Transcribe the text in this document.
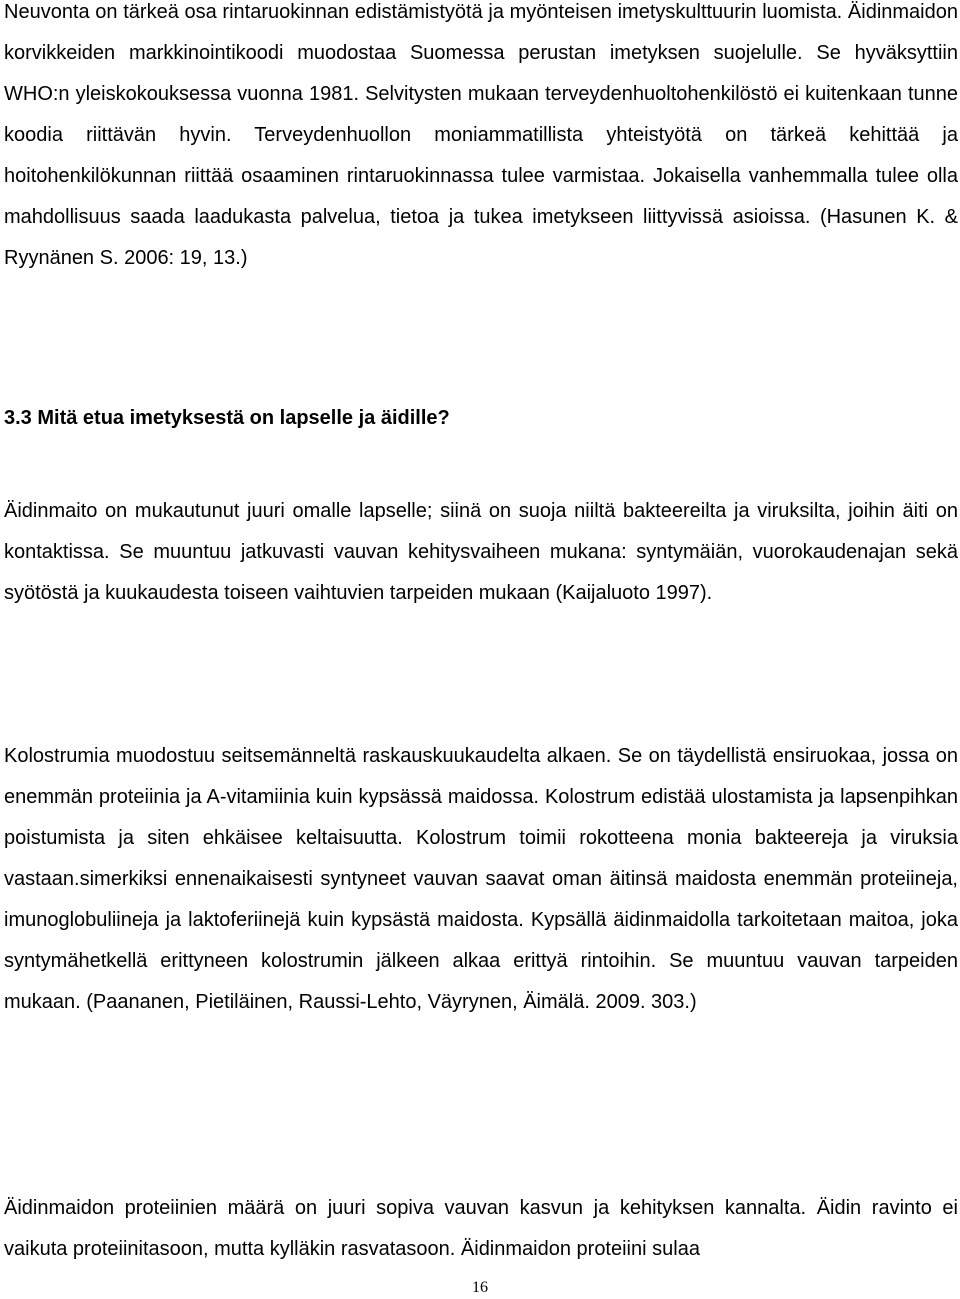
Neuvonta on tärkeä osa rintaruokinnan edistämistyötä ja myönteisen imetyskulttuurin luomista. Äidinmaidon korvikkeiden markkinointikoodi muodostaa Suomessa perustan imetyksen suojelulle. Se hyväksyttiin WHO:n yleiskokouksessa vuonna 1981. Selvitysten mukaan terveydenhuoltohenkilöstö ei kuitenkaan tunne koodia riittävän hyvin. Terveydenhuollon moniammatillista yhteistyötä on tärkeä kehittää ja hoitohenkilökunnan riittää osaaminen rintaruokinnassa tulee varmistaa. Jokaisella vanhemmalla tulee olla mahdollisuus saada laadukasta palvelua, tietoa ja tukea imetykseen liittyvissä asioissa. (Hasunen K. & Ryynänen S. 2006: 19, 13.)

3.3 Mitä etua imetyksestä on lapselle ja äidille?

Äidinmaito on mukautunut juuri omalle lapselle; siinä on suoja niiltä bakteereilta ja viruksilta, joihin äiti on kontaktissa. Se muuntuu jatkuvasti vauvan kehitysvaiheen mukana: syntymäiän, vuorokaudenajan sekä syötöstä ja kuukaudesta toiseen vaihtuvien tarpeiden mukaan (Kaijaluoto 1997).

Kolostrumia muodostuu seitsemänneltä raskauskuukaudelta alkaen. Se on täydellistä ensiruokaa, jossa on enemmän proteiinia ja A-vitamiinia kuin kypsässä maidossa. Kolostrum edistää ulostamista ja lapsenpihkan poistumista ja siten ehkäisee keltaisuutta. Kolostrum toimii rokotteena monia bakteereja ja viruksia vastaan.simerkiksi ennenaikaisesti syntyneet vauvan saavat oman äitinsä maidosta enemmän proteiineja, imunoglobuliineja ja laktoferiinejä kuin kypsästä maidosta. Kypsällä äidinmaidolla tarkoitetaan maitoa, joka syntymähetkellä erittyneen kolostrumin jälkeen alkaa erittyä rintoihin. Se muuntuu vauvan tarpeiden mukaan. (Paananen, Pietiläinen, Raussi-Lehto, Väyrynen, Äimälä. 2009. 303.)

Äidinmaidon proteiinien määrä on juuri sopiva vauvan kasvun ja kehityksen kannalta. Äidin ravinto ei vaikuta proteiinitasoon, mutta kylläkin rasvatasoon. Äidinmaidon proteiini sulaa

16
